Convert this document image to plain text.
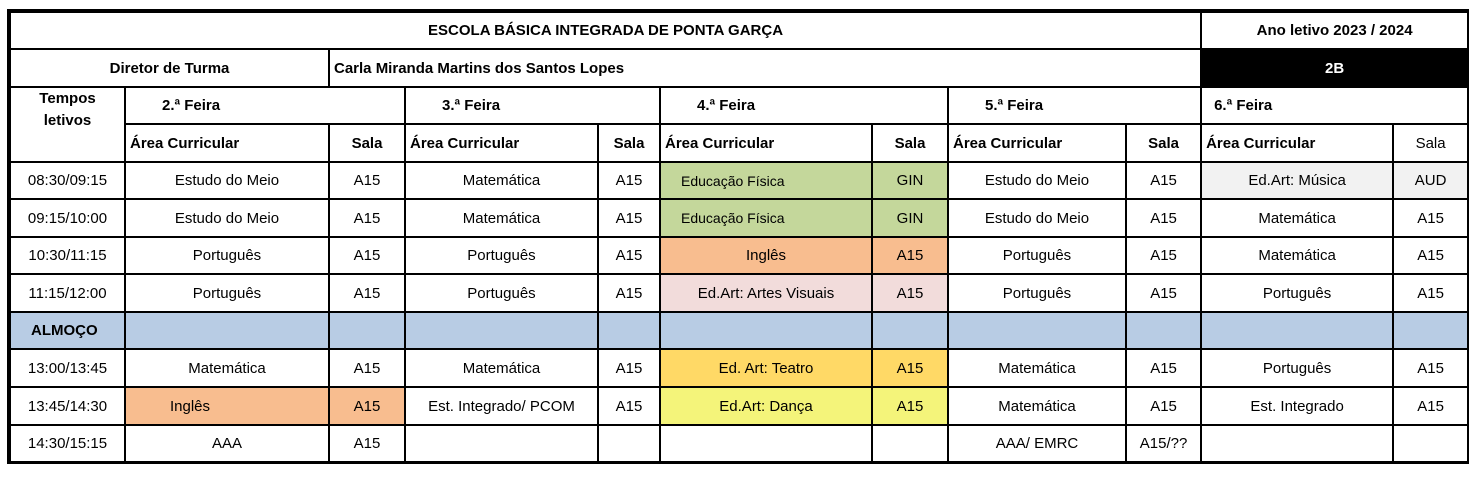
ESCOLA BÁSICA INTEGRADA DE PONTA GARÇA									Ano letivo 2023 / 2024	
Diretor de Turma		Carla Miranda Martins dos Santos Lopes							2B	
Tempos letivos	2.ª Feira		3.ª Feira		4.ª Feira		5.ª Feira		6.ª Feira	
	Área Curricular	Sala	Área Curricular	Sala	Área Curricular	Sala	Área Curricular	Sala	Área Curricular	Sala
08:30/09:15	Estudo do Meio	A15	Matemática	A15	Educação Física	GIN	Estudo do Meio	A15	Ed.Art: Música	AUD
09:15/10:00	Estudo do Meio	A15	Matemática	A15	Educação Física	GIN	Estudo do Meio	A15	Matemática	A15
10:30/11:15	Português	A15	Português	A15	Inglês	A15	Português	A15	Matemática	A15
11:15/12:00	Português	A15	Português	A15	Ed.Art: Artes Visuais	A15	Português	A15	Português	A15
ALMOÇO										
13:00/13:45	Matemática	A15	Matemática	A15	Ed. Art: Teatro	A15	Matemática	A15	Português	A15
13:45/14:30	Inglês	A15	Est. Integrado/ PCOM	A15	Ed.Art: Dança	A15	Matemática	A15	Est. Integrado	A15
14:30/15:15	AAA	A15					AAA/ EMRC	A15/??		
